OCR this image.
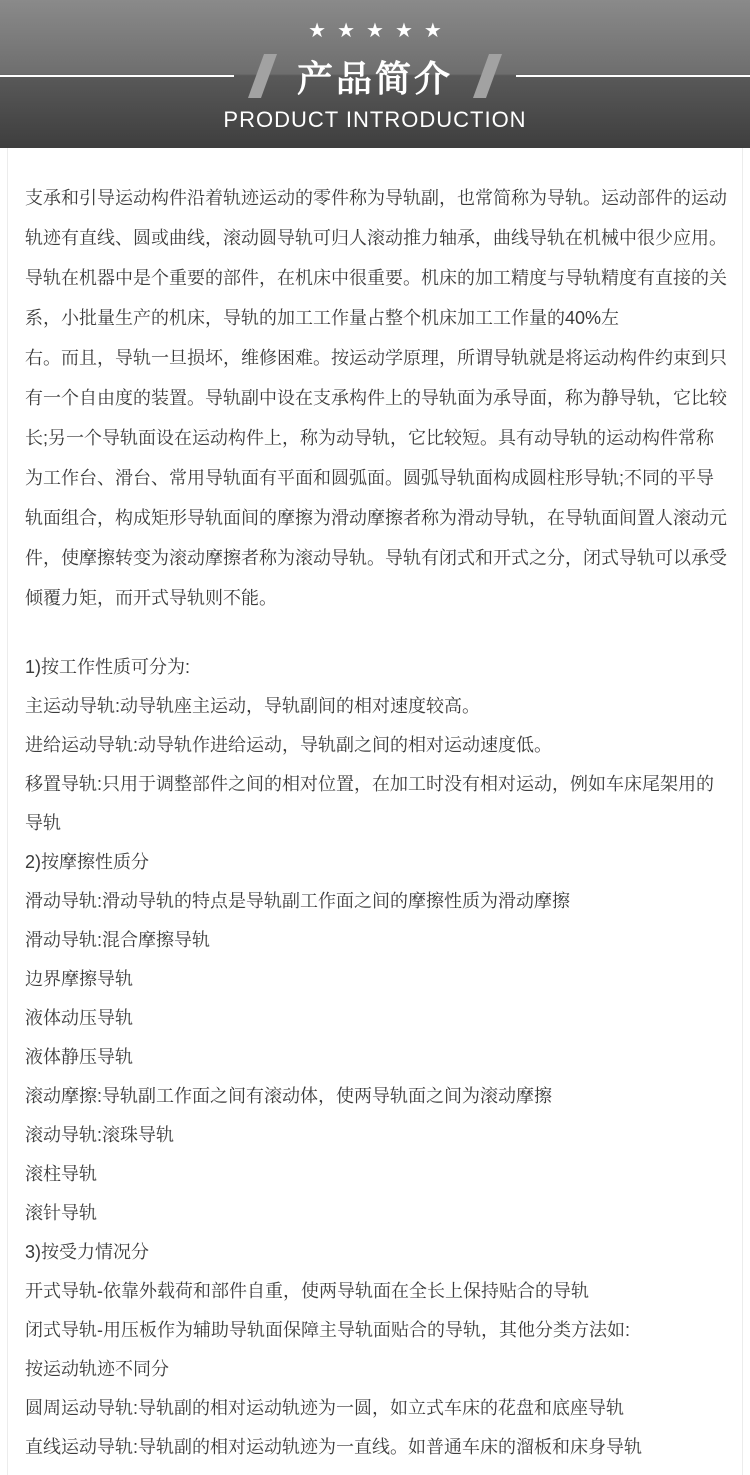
★★★★★
产品简介
PRODUCT INTRODUCTION
支承和引导运动构件沿着轨迹运动的零件称为导轨副，也常简称为导轨。运动部件的运动
轨迹有直线、圆或曲线，滚动圆导轨可归人滚动推力轴承，曲线导轨在机械中很少应用。
导轨在机器中是个重要的部件，在机床中很重要。机床的加工精度与导轨精度有直接的关
系，小批量生产的机床，导轨的加工工作量占整个机床加工工作量的40%左
右。而且，导轨一旦损坏，维修困难。按运动学原理，所谓导轨就是将运动构件约束到只
有一个自由度的装置。导轨副中设在支承构件上的导轨面为承导面，称为静导轨，它比较
长;另一个导轨面设在运动构件上，称为动导轨，它比较短。具有动导轨的运动构件常称
为工作台、滑台、常用导轨面有平面和圆弧面。圆弧导轨面构成圆柱形导轨;不同的平导
轨面组合，构成矩形导轨面间的摩擦为滑动摩擦者称为滑动导轨，在导轨面间置人滚动元
件，使摩擦转变为滚动摩擦者称为滚动导轨。导轨有闭式和开式之分，闭式导轨可以承受
倾覆力矩，而开式导轨则不能。
1)按工作性质可分为:
主运动导轨:动导轨座主运动，导轨副间的相对速度较高。
进给运动导轨:动导轨作进给运动，导轨副之间的相对运动速度低。
移置导轨:只用于调整部件之间的相对位置，在加工时没有相对运动，例如车床尾架用的
导轨
2)按摩擦性质分
滑动导轨:滑动导轨的特点是导轨副工作面之间的摩擦性质为滑动摩擦
滑动导轨:混合摩擦导轨
边界摩擦导轨
液体动压导轨
液体静压导轨
滚动摩擦:导轨副工作面之间有滚动体，使两导轨面之间为滚动摩擦
滚动导轨:滚珠导轨
滚柱导轨
滚针导轨
3)按受力情况分
开式导轨-依靠外载荷和部件自重，使两导轨面在全长上保持贴合的导轨
闭式导轨-用压板作为辅助导轨面保障主导轨面贴合的导轨，其他分类方法如:
按运动轨迹不同分
圆周运动导轨:导轨副的相对运动轨迹为一圆，如立式车床的花盘和底座导轨
直线运动导轨:导轨副的相对运动轨迹为一直线。如普通车床的溜板和床身导轨
